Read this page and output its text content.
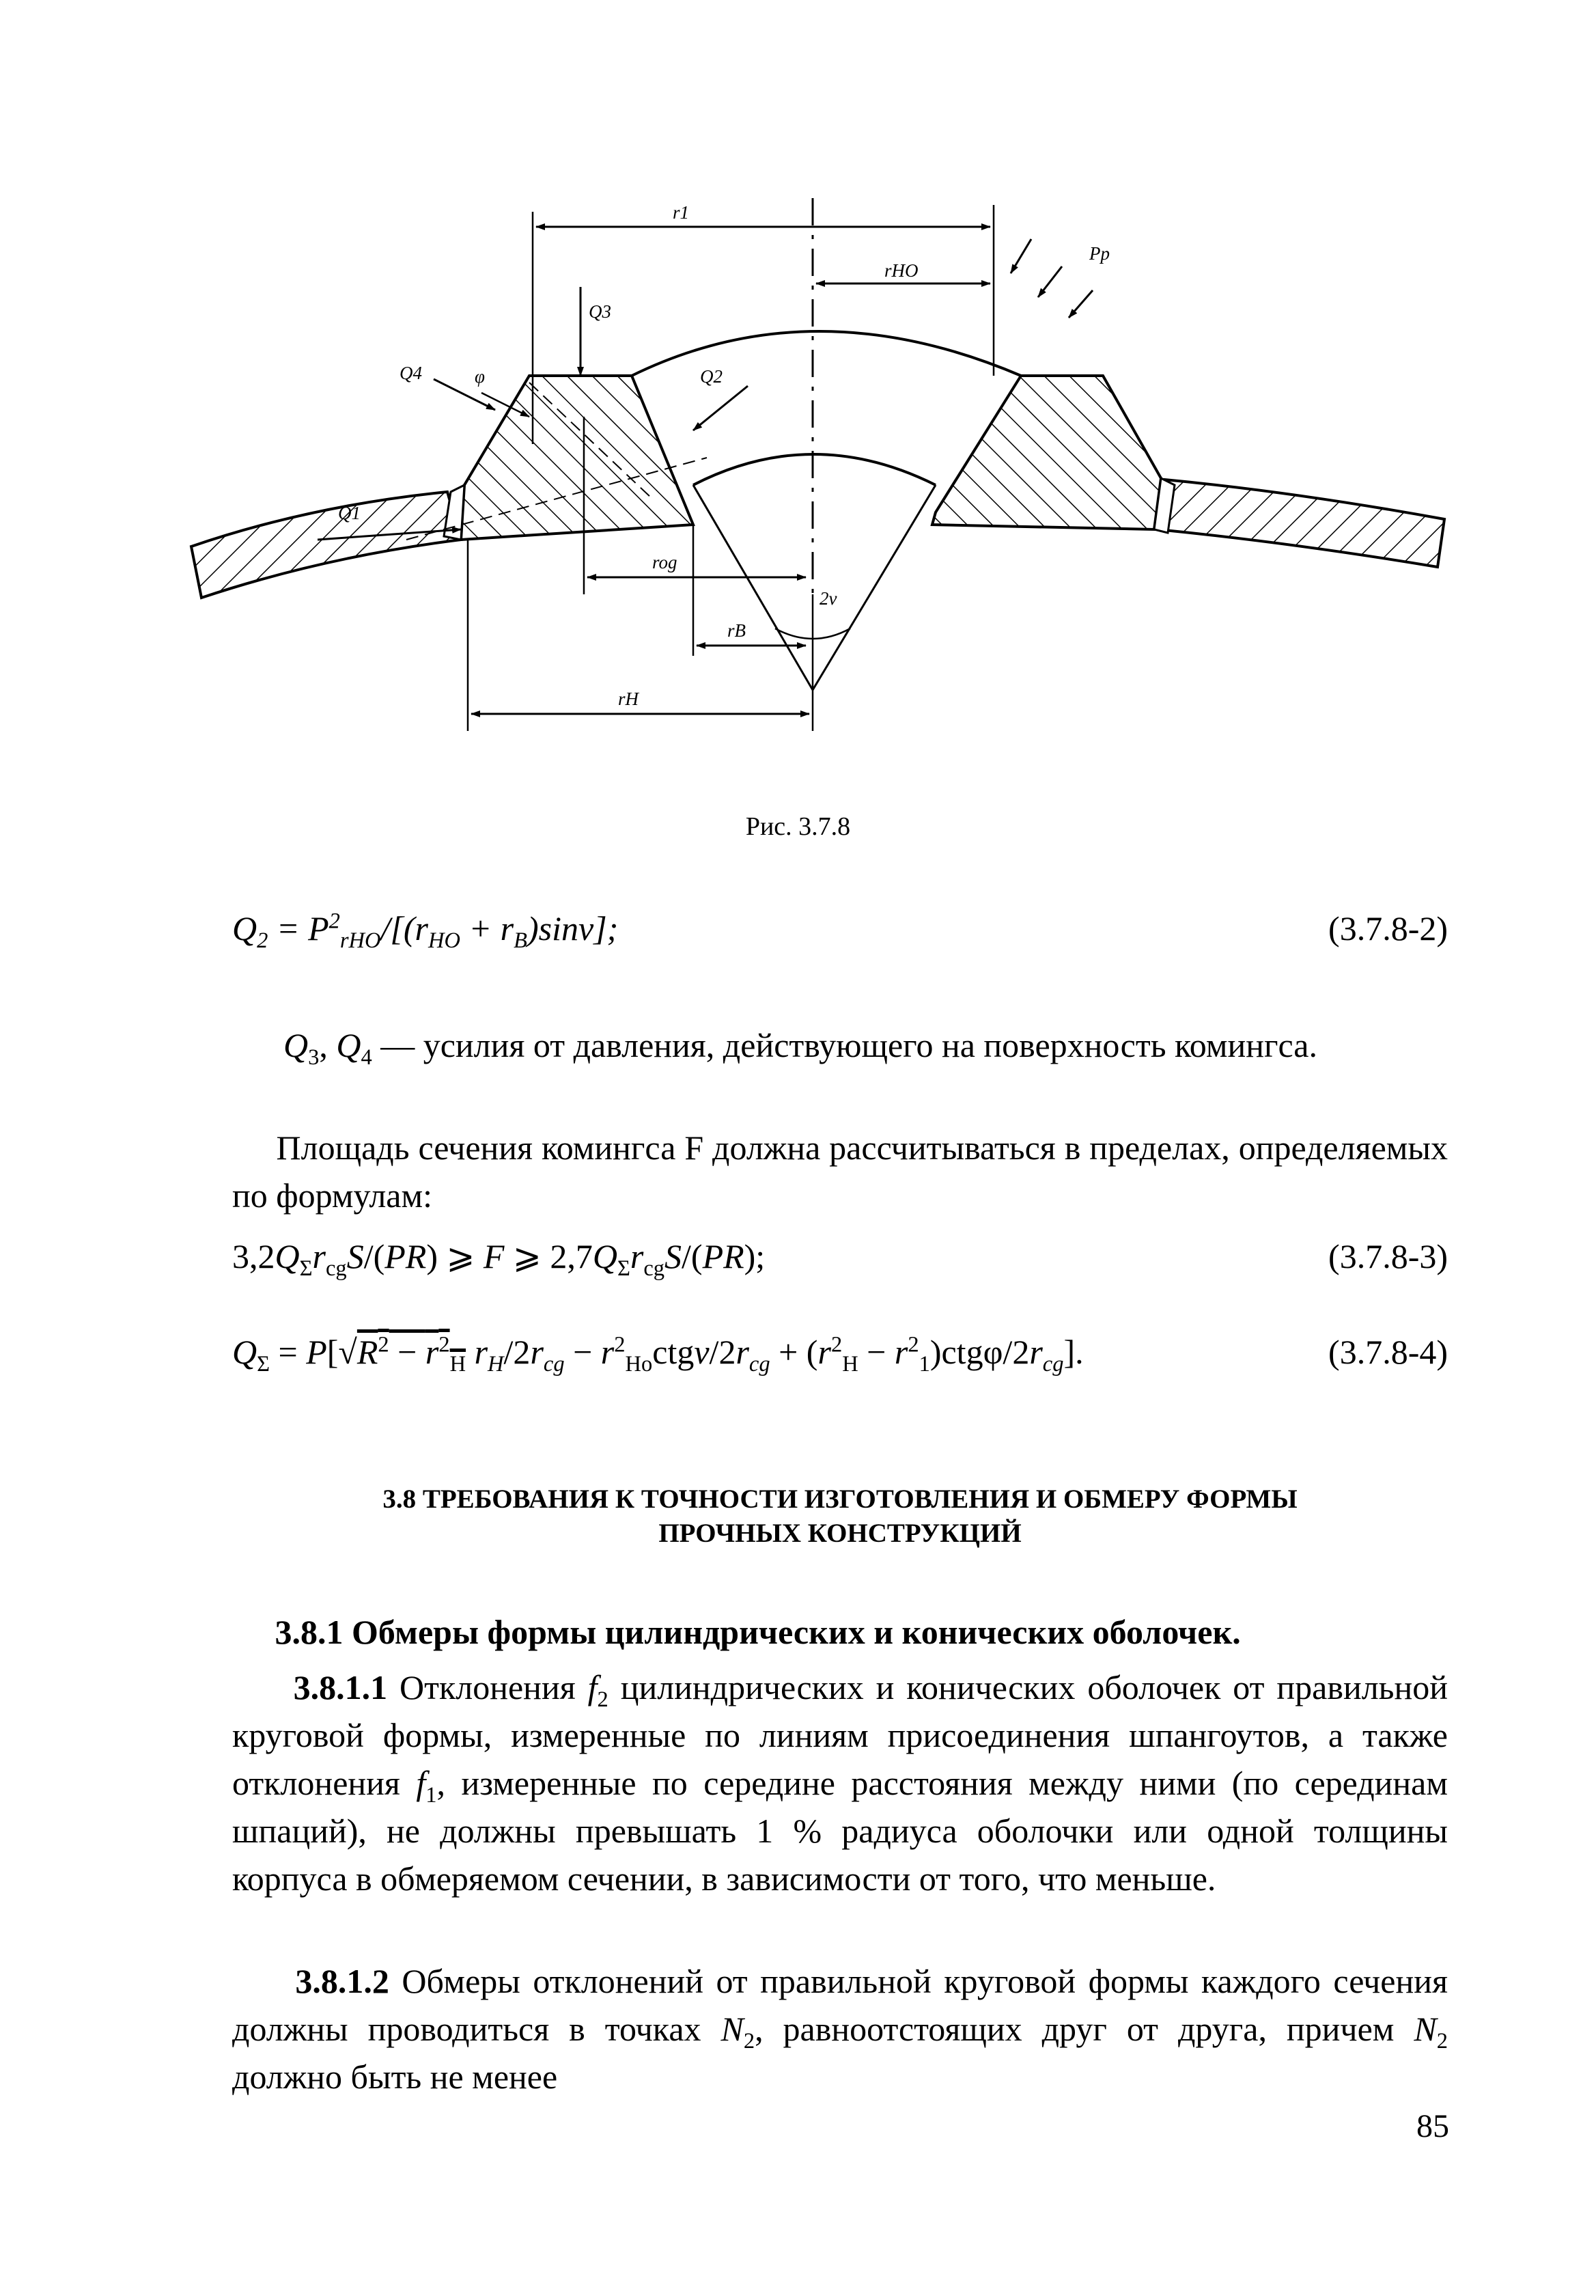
r1
rHO
Pp
Q3
Q4	φ	Q2
Q1
rog
2v
rB
rH
Рис. 3.7.8
$Q_2 = P^2_{rHO}/[(r_{HO} + r_B)\sin v]$;	(3.7.8-2)
$Q_3$, $Q_4$ — усилия от давления, действующего на поверхность комингса.
Площадь сечения комингса F должна рассчитываться в пределах, определяемых по формулам:
$3,2Q_\Sigma r_{cg}S/(PR)$ ⩾ F ⩾ $2,7Q_\Sigma r_{cg}S/(PR)$;	(3.7.8-3)
$Q_\Sigma = P[√R^2 - r^2_H$ $r_H/2r_{cg}$ − $r^2_{Ho}ctgv/2r_{cg} + (r^2_H - r^2_1)ctg\varphi/2r_{cg}$].	(3.7.8-4)
3.8 ТРЕБОВАНИЯ К ТОЧНОСТИ ИЗГОТОВЛЕНИЯ И ОБМЕРУ ФОРМЫ
ПРОЧНЫХ КОНСТРУКЦИЙ
3.8.1 Обмеры формы цилиндрических и конических оболочек.
3.8.1.1 Отклонения $f_2$ цилиндрических и конических оболочек от правильной круговой формы, измеренные по линиям присоединения шпангоутов, а также отклонения $f_1$, измеренные по середине расстояния между ними (по серединам шпаций), не должны превышать 1 % радиуса оболочки или одной толщины корпуса в обмеряемом сечении, в зависимости от того, что меньше.
3.8.1.2 Обмеры отклонений от правильной круговой формы каждого сечения должны проводиться в точках $N_2$, равноотстоящих друг от друга, причем $N_2$ должно быть не менее
85
